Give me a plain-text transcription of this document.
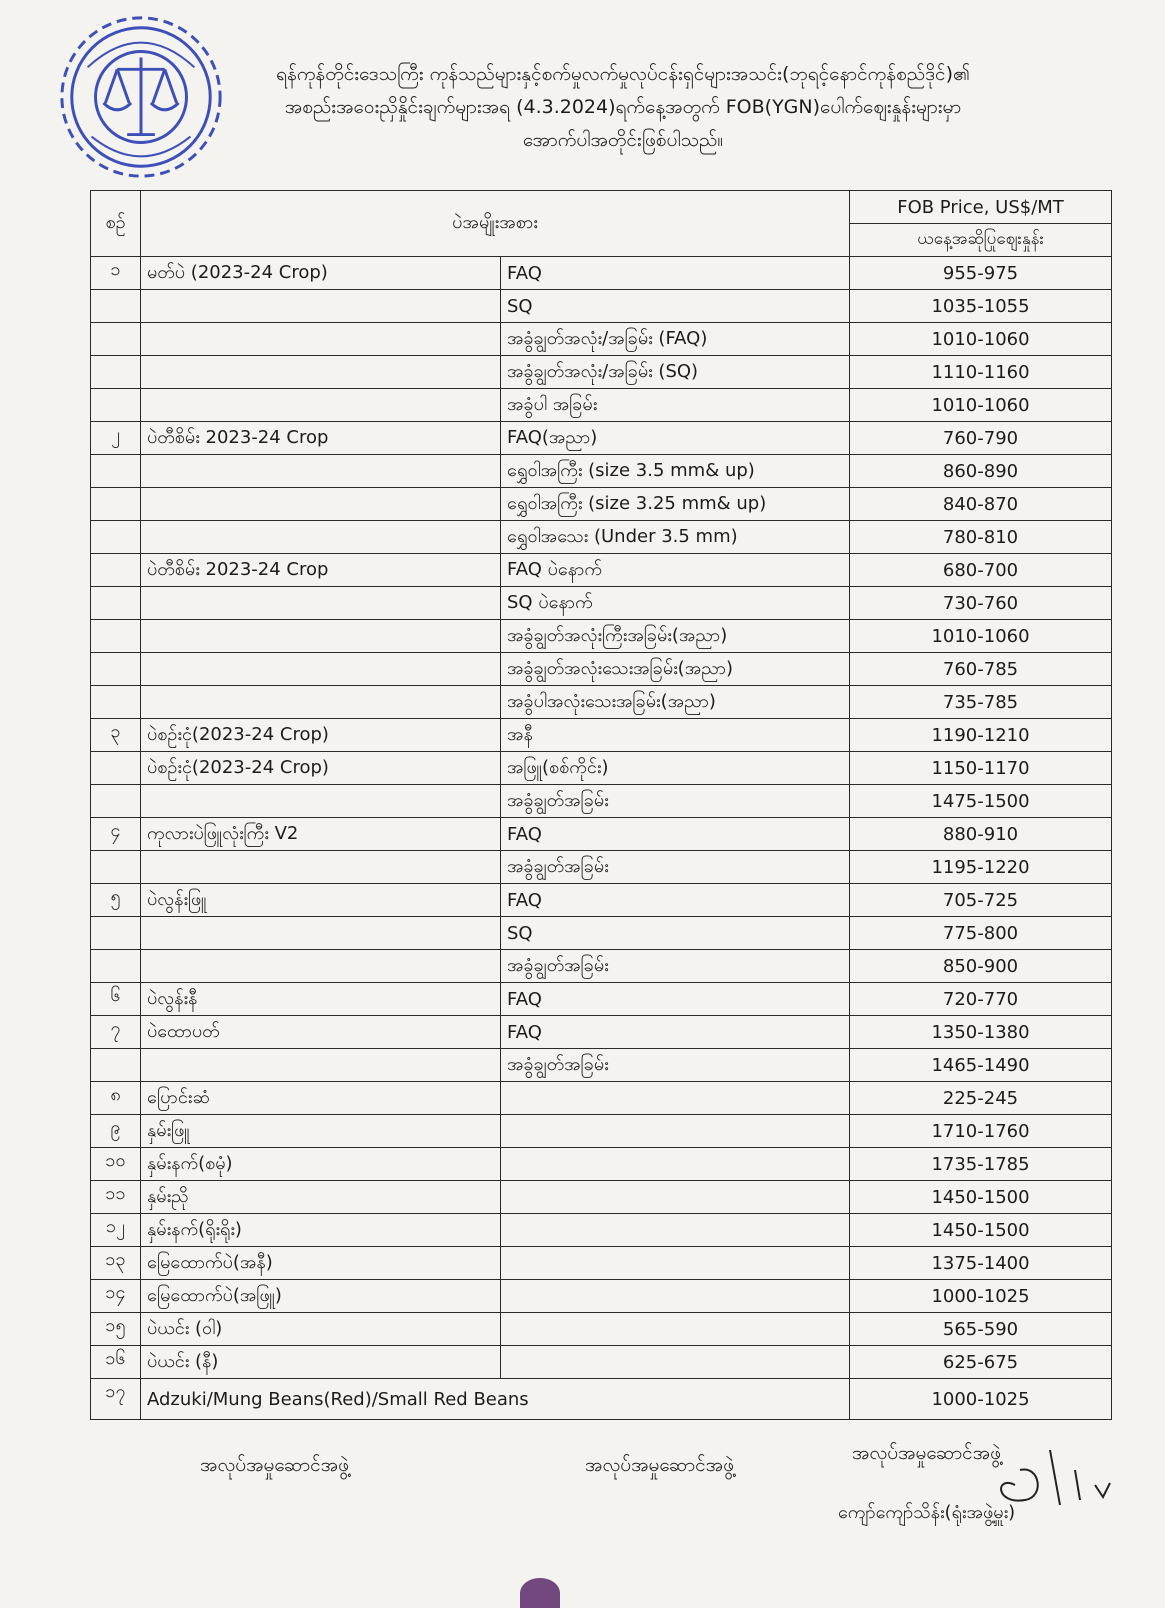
ရန်ကုန်တိုင်းဒေသကြီး ကုန်သည်များနှင့်စက်မှုလက်မှုလုပ်ငန်းရှင်များအသင်း(ဘုရင့်နောင်ကုန်စည်ဒိုင်)၏
အစည်းအဝေးညှိနှိုင်းချက်များအရ (4.3.2024)ရက်နေ့အတွက် FOB(YGN)ပေါက်ဈေးနှုန်းများမှာ
အောက်ပါအတိုင်းဖြစ်ပါသည်။
စဉ်	ပဲအမျိုးအစား		FOB Price, US$/MT
			ယနေ့အဆိုပြုဈေးနှုန်း
၁	မတ်ပဲ (2023-24 Crop)	FAQ	955-975
		SQ	1035-1055
		အခွံချွတ်အလုံး/အခြမ်း (FAQ)	1010-1060
		အခွံချွတ်အလုံး/အခြမ်း (SQ)	1110-1160
		အခွံပါ အခြမ်း	1010-1060
၂	ပဲတီစိမ်း 2023-24 Crop	FAQ(အညာ)	760-790
		ရွှေဝါအကြီး (size 3.5 mm& up)	860-890
		ရွှေဝါအကြီး (size 3.25 mm& up)	840-870
		ရွှေဝါအသေး (Under 3.5 mm)	780-810
	ပဲတီစိမ်း 2023-24 Crop	FAQ ပဲနောက်	680-700
		SQ ပဲနောက်	730-760
		အခွံချွတ်အလုံးကြီးအခြမ်း(အညာ)	1010-1060
		အခွံချွတ်အလုံးသေးအခြမ်း(အညာ)	760-785
		အခွံပါအလုံးသေးအခြမ်း(အညာ)	735-785
၃	ပဲစဉ်းငုံ(2023-24 Crop)	အနီ	1190-1210
	ပဲစဉ်းငုံ(2023-24 Crop)	အဖြူ(စစ်ကိုင်း)	1150-1170
		အခွံချွတ်အခြမ်း	1475-1500
၄	ကုလားပဲဖြူလုံးကြီး V2	FAQ	880-910
		အခွံချွတ်အခြမ်း	1195-1220
၅	ပဲလွန်းဖြူ	FAQ	705-725
		SQ	775-800
		အခွံချွတ်အခြမ်း	850-900
၆	ပဲလွန်းနီ	FAQ	720-770
၇	ပဲထောပတ်	FAQ	1350-1380
		အခွံချွတ်အခြမ်း	1465-1490
၈	ပြောင်းဆံ		225-245
၉	နှမ်းဖြူ		1710-1760
၁၀	နှမ်းနက်(စမုံ)		1735-1785
၁၁	နှမ်းညို		1450-1500
၁၂	နှမ်းနက်(ရိုးရိုး)		1450-1500
၁၃	မြေထောက်ပဲ(အနီ)		1375-1400
၁၄	မြေထောက်ပဲ(အဖြူ)		1000-1025
၁၅	ပဲယင်း (ဝါ)		565-590
၁၆	ပဲယင်း (နီ)		625-675
၁၇	Adzuki/Mung Beans(Red)/Small Red Beans		1000-1025
အလုပ်အမှုဆောင်အဖွဲ့	အလုပ်အမှုဆောင်အဖွဲ့
အလုပ်အမှုဆောင်အဖွဲ့
ကျော်ကျော်သိန်း(ရုံးအဖွဲ့မှူး)
